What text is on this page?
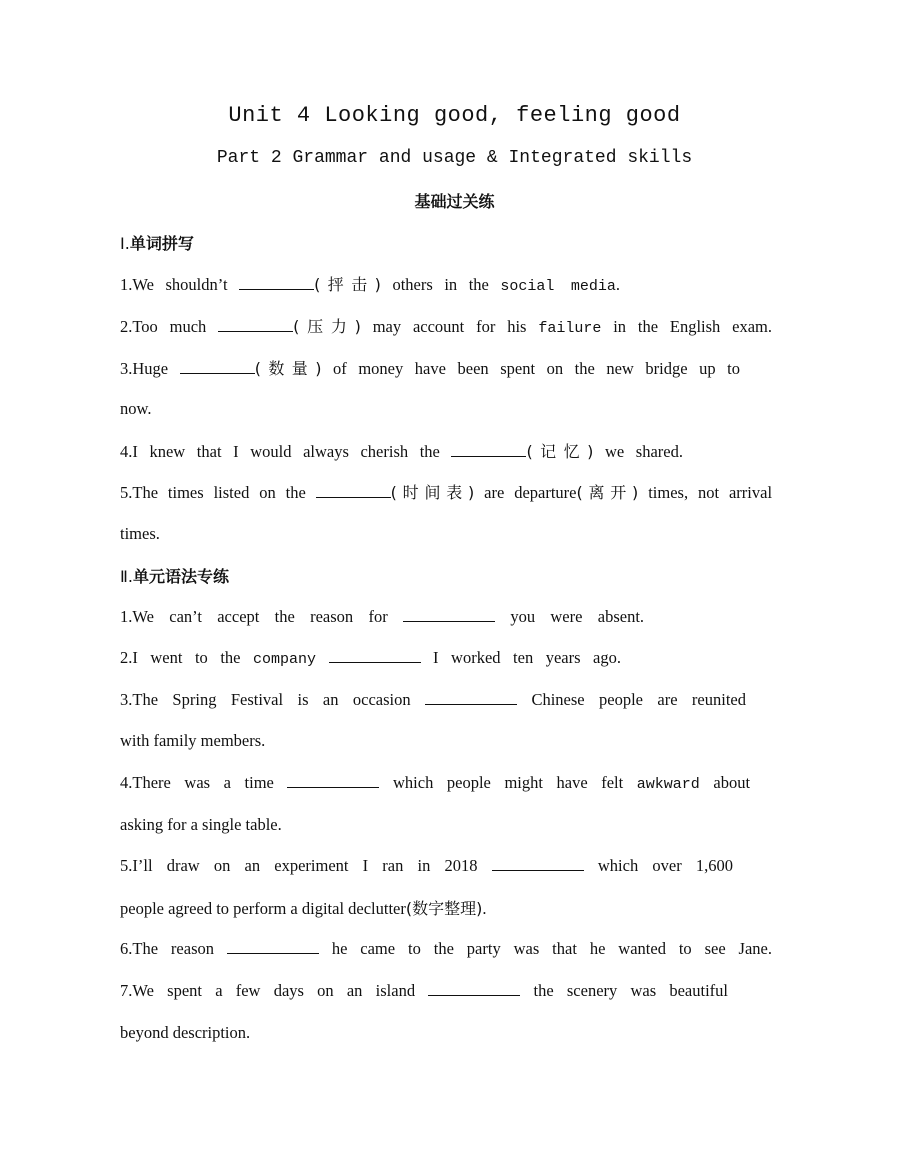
Unit 4 Looking good, feeling good
Part 2 Grammar and usage & Integrated skills
基础过关练
Ⅰ.单词拼写
1.We shouldn’t	(抨击) others in the social media.
2.Too much	(压力) may account for his failure in the English exam.
3.Huge	(数量) of money have been spent on the new bridge up to
now.
4.I knew that I would always cherish the	(记忆) we shared.
5.The times listed on the	(时间表) are departure(离开) times, not arrival
times.
Ⅱ.单元语法专练
1.We can’t accept the reason for	you were absent.
2.I went to the company	I worked ten years ago.
3.The Spring Festival is an occasion	Chinese people are reunited
with family members.
4.There was a time	which people might have felt awkward about
asking for a single table.
5.I’ll draw on an experiment I ran in 2018	which over 1,600
people agreed to perform a digital declutter(数字整理).
6.The reason	he came to the party was that he wanted to see Jane.
7.We spent a few days on an island	the scenery was beautiful
beyond description.
